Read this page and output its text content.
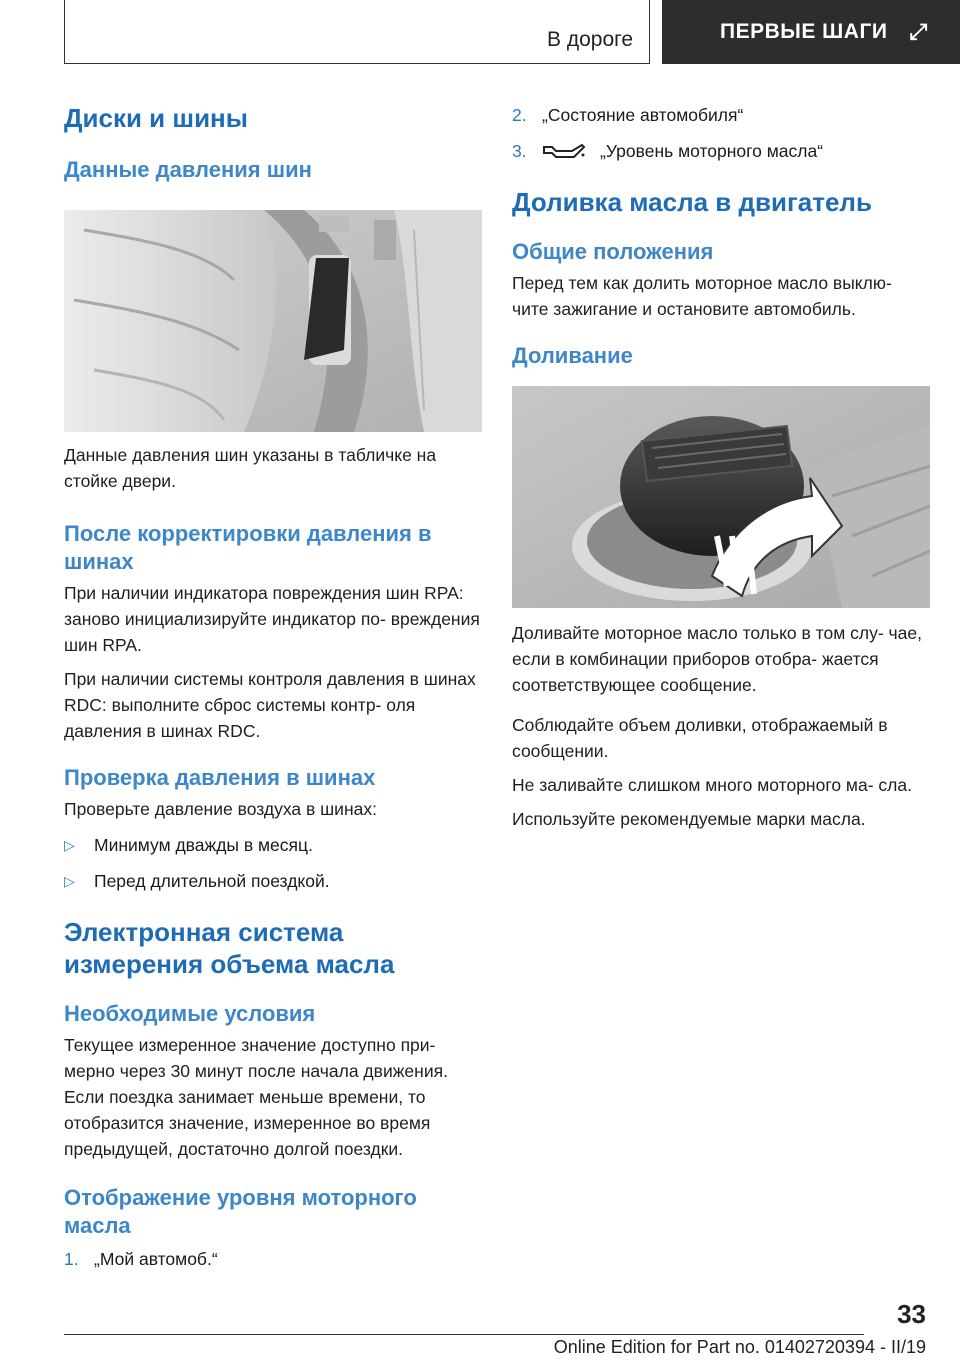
В дороге	ПЕРВЫЕ ШАГИ ⤢
Диски и шины
Данные давления шин

Данные давления шин указаны в табличке на стойке двери.

После корректировки давления в шинах

При наличии индикатора повреждения шин RPA: заново инициализируйте индикатор по- вреждения шин RPA.

При наличии системы контроля давления в шинах RDC: выполните сброс системы контр- оля давления в шинах RDC.

Проверка давления в шинах

Проверьте давление воздуха в шинах:

▷	Минимум дважды в месяц.
▷	Перед длительной поездкой.
Электронная система измерения объема масла
Необходимые условия

Текущее измеренное значение доступно при- мерно через 30 минут после начала движения. Если поездка занимает меньше времени, то отобразится значение, измеренное во время предыдущей, достаточно долгой поездки.

Отображение уровня моторного масла
1. „Мой автомоб.“
2. „Состояние автомобиля“
3.	„Уровень моторного масла“
Доливка масла в двигатель
Общие положения

Перед тем как долить моторное масло выклю- чите зажигание и остановите автомобиль.

Доливание

Доливайте моторное масло только в том слу- чае, если в комбинации приборов отобра- жается соответствующее сообщение.

Соблюдайте объем доливки, отображаемый в сообщении.

Не заливайте слишком много моторного ма- сла.

Используйте рекомендуемые марки масла.

33
Online Edition for Part no. 01402720394 - II/19
